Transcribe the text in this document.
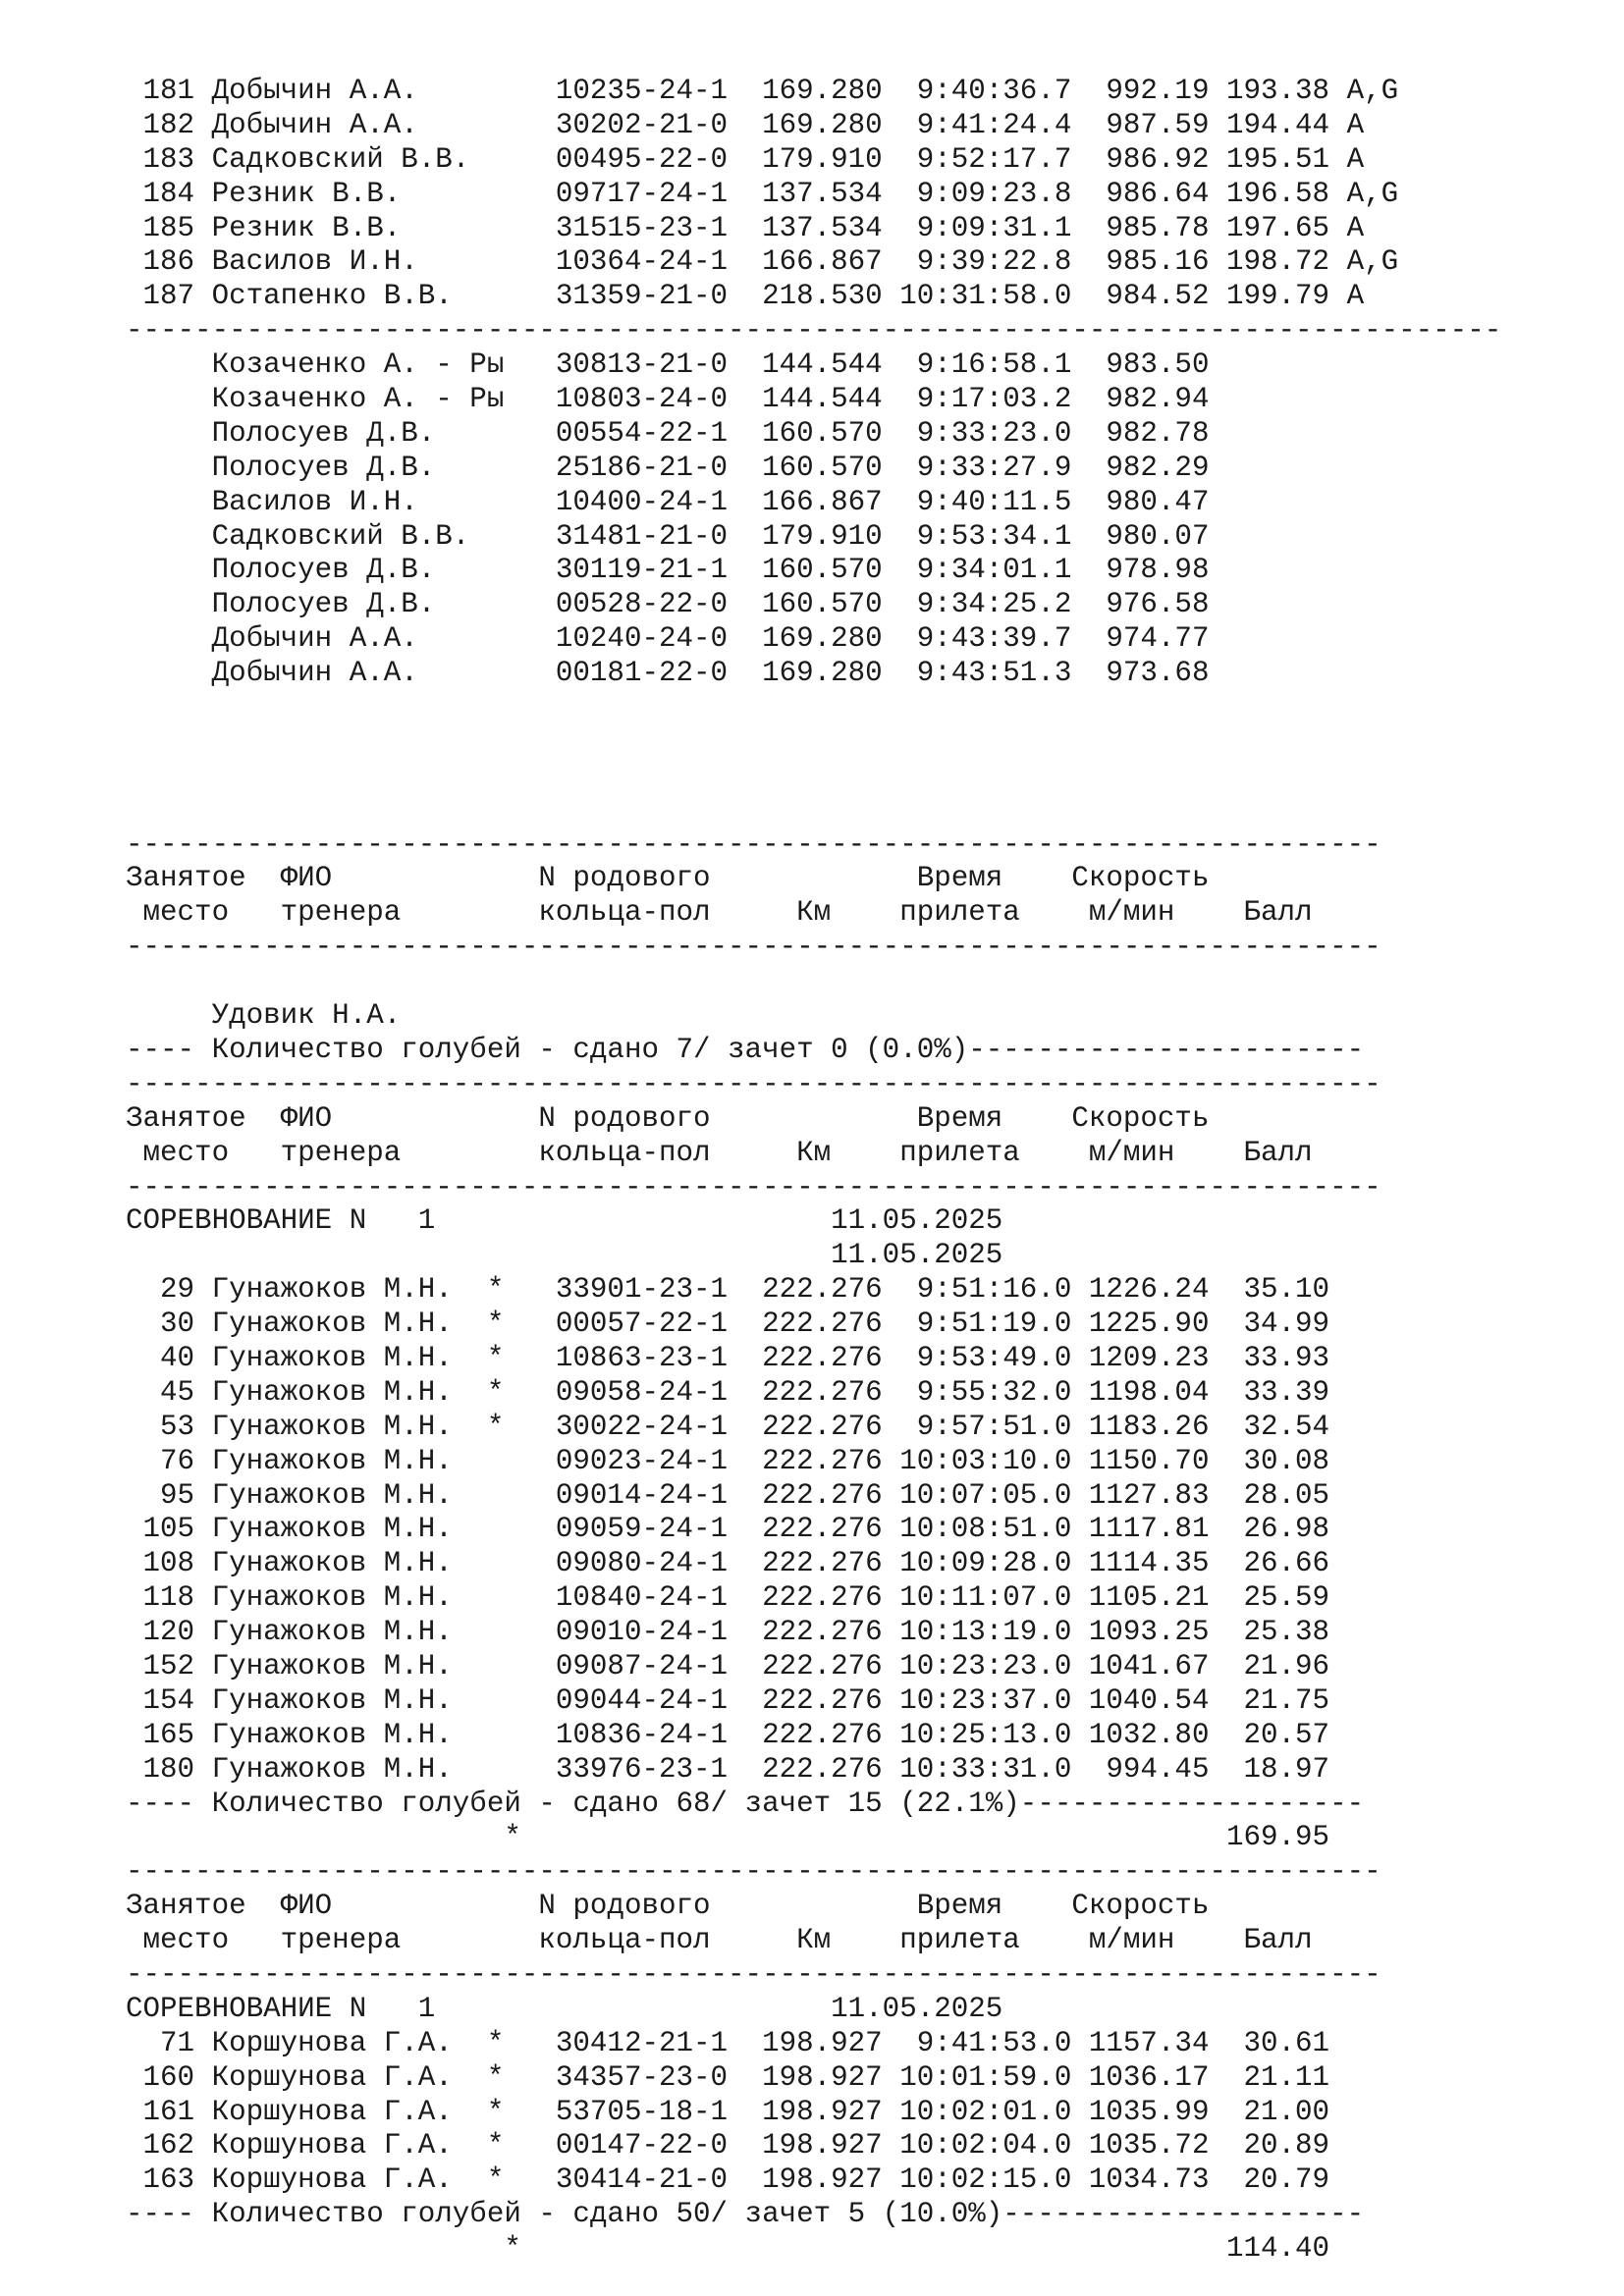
181 Добычин А.А.        10235-24-1  169.280  9:40:36.7  992.19 193.38 A,G
182 Добычин А.А.        30202-21-0  169.280  9:41:24.4  987.59 194.44 A
183 Садковский В.В.     00495-22-0  179.910  9:52:17.7  986.92 195.51 A
184 Резник В.В.         09717-24-1  137.534  9:09:23.8  986.64 196.58 A,G
185 Резник В.В.         31515-23-1  137.534  9:09:31.1  985.78 197.65 A
186 Василов И.Н.        10364-24-1  166.867  9:39:22.8  985.16 198.72 A,G
187 Остапенко В.В.      31359-21-0  218.530 10:31:58.0  984.52 199.79 A
--------------------------------------------------------------------------------
Козаченко А. - Ры   30813-21-0  144.544  9:16:58.1  983.50
Козаченко А. - Ры   10803-24-0  144.544  9:17:03.2  982.94
Полосуев Д.В.       00554-22-1  160.570  9:33:23.0  982.78
Полосуев Д.В.       25186-21-0  160.570  9:33:27.9  982.29
Василов И.Н.        10400-24-1  166.867  9:40:11.5  980.47
Садковский В.В.     31481-21-0  179.910  9:53:34.1  980.07
Полосуев Д.В.       30119-21-1  160.570  9:34:01.1  978.98
Полосуев Д.В.       00528-22-0  160.570  9:34:25.2  976.58
Добычин А.А.        10240-24-0  169.280  9:43:39.7  974.77
Добычин А.А.        00181-22-0  169.280  9:43:51.3  973.68

-------------------------------------------------------------------------
Занятое  ФИО            N родового            Время    Скорость
место   тренера        кольца-пол     Км    прилета    м/мин    Балл
-------------------------------------------------------------------------

Удовик Н.А.
---- Количество голубей - сдано 7/ зачет 0 (0.0%)-----------------------
-------------------------------------------------------------------------
Занятое  ФИО            N родового            Время    Скорость
место   тренера        кольца-пол     Км    прилета    м/мин    Балл
-------------------------------------------------------------------------
СОРЕВНОВАНИЕ N   1                       11.05.2025
11.05.2025
29 Гунажоков М.Н.  *   33901-23-1  222.276  9:51:16.0 1226.24  35.10
30 Гунажоков М.Н.  *   00057-22-1  222.276  9:51:19.0 1225.90  34.99
40 Гунажоков М.Н.  *   10863-23-1  222.276  9:53:49.0 1209.23  33.93
45 Гунажоков М.Н.  *   09058-24-1  222.276  9:55:32.0 1198.04  33.39
53 Гунажоков М.Н.  *   30022-24-1  222.276  9:57:51.0 1183.26  32.54
76 Гунажоков М.Н.      09023-24-1  222.276 10:03:10.0 1150.70  30.08
95 Гунажоков М.Н.      09014-24-1  222.276 10:07:05.0 1127.83  28.05
105 Гунажоков М.Н.      09059-24-1  222.276 10:08:51.0 1117.81  26.98
108 Гунажоков М.Н.      09080-24-1  222.276 10:09:28.0 1114.35  26.66
118 Гунажоков М.Н.      10840-24-1  222.276 10:11:07.0 1105.21  25.59
120 Гунажоков М.Н.      09010-24-1  222.276 10:13:19.0 1093.25  25.38
152 Гунажоков М.Н.      09087-24-1  222.276 10:23:23.0 1041.67  21.96
154 Гунажоков М.Н.      09044-24-1  222.276 10:23:37.0 1040.54  21.75
165 Гунажоков М.Н.      10836-24-1  222.276 10:25:13.0 1032.80  20.57
180 Гунажоков М.Н.      33976-23-1  222.276 10:33:31.0  994.45  18.97
---- Количество голубей - сдано 68/ зачет 15 (22.1%)--------------------
*                                         169.95
-------------------------------------------------------------------------
Занятое  ФИО            N родового            Время    Скорость
место   тренера        кольца-пол     Км    прилета    м/мин    Балл
-------------------------------------------------------------------------
СОРЕВНОВАНИЕ N   1                       11.05.2025
71 Коршунова Г.А.  *   30412-21-1  198.927  9:41:53.0 1157.34  30.61
160 Коршунова Г.А.  *   34357-23-0  198.927 10:01:59.0 1036.17  21.11
161 Коршунова Г.А.  *   53705-18-1  198.927 10:02:01.0 1035.99  21.00
162 Коршунова Г.А.  *   00147-22-0  198.927 10:02:04.0 1035.72  20.89
163 Коршунова Г.А.  *   30414-21-0  198.927 10:02:15.0 1034.73  20.79
---- Количество голубей - сдано 50/ зачет 5 (10.0%)---------------------
*                                         114.40
